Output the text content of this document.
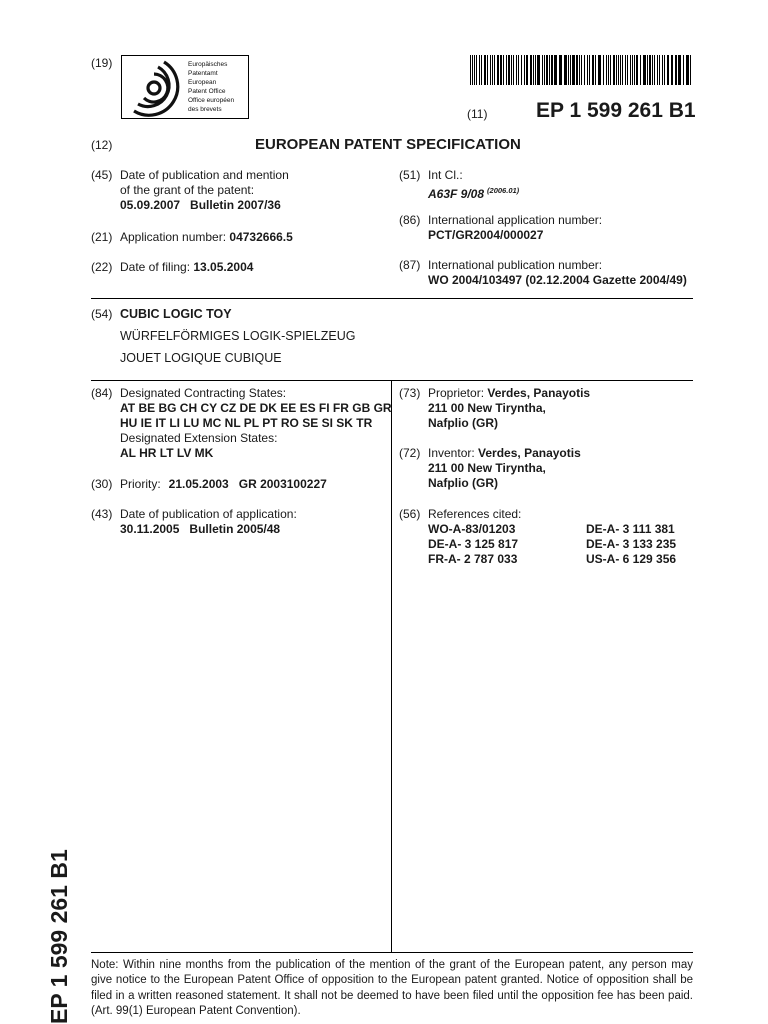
(19)	Europäisches
Patentamt
European
Patent Office
Office européen
des brevets	(11) EP 1 599 261 B1
(12)	EUROPEAN PATENT SPECIFICATION
(45) Date of publication and mention
of the grant of the patent:
05.09.2007   Bulletin 2007/36
(21) Application number: 04732666.5
(22) Date of filing: 13.05.2004
(51) Int Cl.:
A63F 9/08 $^{(2006.01)}$
(86) International application number:
PCT/GR2004/000027
(87) International publication number:
WO 2004/103497 (02.12.2004 Gazette 2004/49)
(54) CUBIC LOGIC TOY
WÜRFELFÖRMIGES LOGIK-SPIELZEUG
JOUET LOGIQUE CUBIQUE
(84) Designated Contracting States:
AT BE BG CH CY CZ DE DK EE ES FI FR GB GR
HU IE IT LI LU MC NL PL PT RO SE SI SK TR
Designated Extension States:
AL HR LT LV MK
(30) Priority: 21.05.2003   GR 2003100227
(43) Date of publication of application:
30.11.2005   Bulletin 2005/48
(73) Proprietor: Verdes, Panayotis
211 00 New Tiryntha,
Nafplio (GR)
(72) Inventor: Verdes, Panayotis
211 00 New Tiryntha,
Nafplio (GR)
(56) References cited:
WO-A-83/01203	DE-A- 3 111 381
DE-A- 3 125 817	DE-A- 3 133 235
FR-A- 2 787 033	US-A- 6 129 356
Note: Within nine months from the publication of the mention of the grant of the European patent, any person may give notice to the European Patent Office of opposition to the European patent granted. Notice of opposition shall be filed in a written reasoned statement. It shall not be deemed to have been filed until the opposition fee has been paid. (Art. 99(1) European Patent Convention).
EP 1 599 261 B1
